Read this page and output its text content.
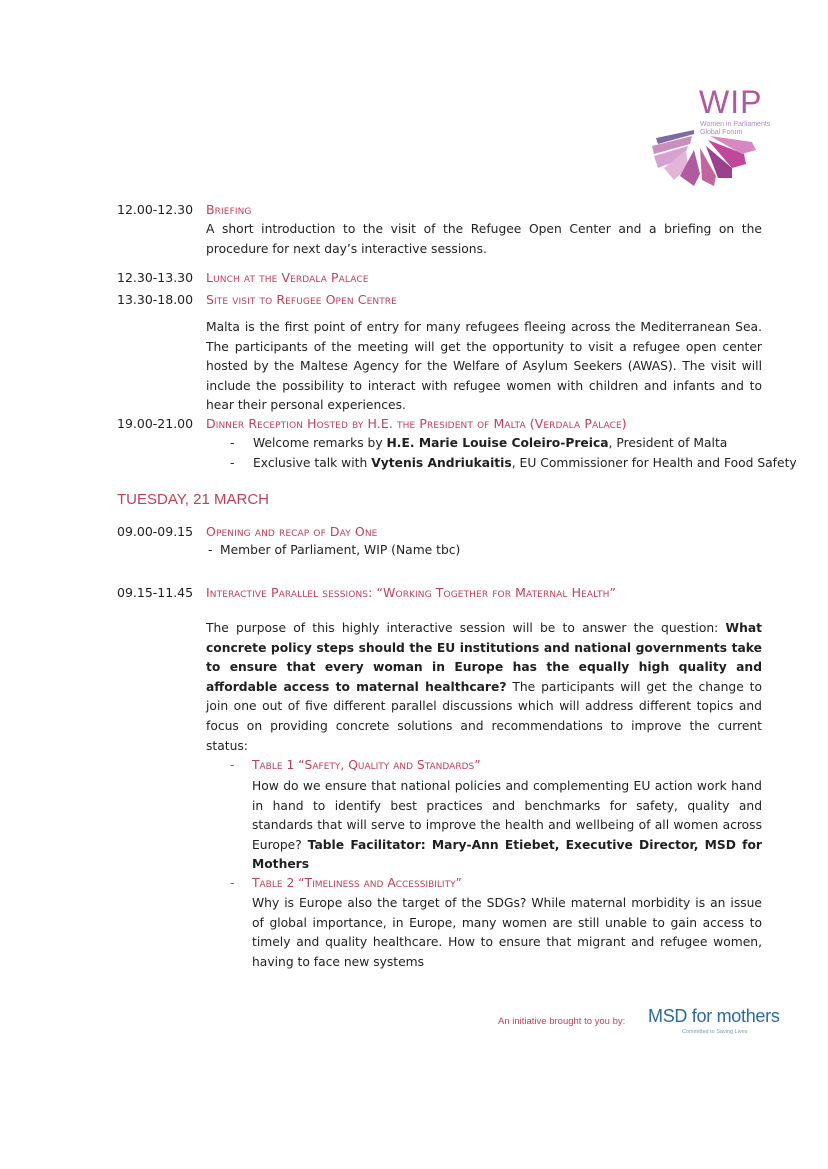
WIP
Women in Parliaments
Global Forum
12.00-12.30 Briefing
A short introduction to the visit of the Refugee Open Center and a briefing on the procedure for next day’s interactive sessions.
12.30-13.30 Lunch at the Verdala Palace
13.30-18.00 Site visit to Refugee Open Centre
Malta is the first point of entry for many refugees fleeing across the Mediterranean Sea. The participants of the meeting will get the opportunity to visit a refugee open center hosted by the Maltese Agency for the Welfare of Asylum Seekers (AWAS). The visit will include the possibility to interact with refugee women with children and infants and to hear their personal experiences.
19.00-21.00 Dinner Reception Hosted by H.E. the President of Malta (Verdala Palace)
- Welcome remarks by H.E. Marie Louise Coleiro-Preica, President of Malta
- Exclusive talk with Vytenis Andriukaitis, EU Commissioner for Health and Food Safety
TUESDAY, 21 MARCH
09.00-09.15 Opening and recap of Day One
- Member of Parliament, WIP (Name tbc)
09.15-11.45 Interactive Parallel sessions: “Working Together for Maternal Health”
The purpose of this highly interactive session will be to answer the question: What concrete policy steps should the EU institutions and national governments take to ensure that every woman in Europe has the equally high quality and affordable access to maternal healthcare? The participants will get the change to join one out of five different parallel discussions which will address different topics and focus on providing concrete solutions and recommendations to improve the current status:
- Table 1 “Safety, Quality and Standards”
How do we ensure that national policies and complementing EU action work hand in hand to identify best practices and benchmarks for safety, quality and standards that will serve to improve the health and wellbeing of all women across Europe? Table Facilitator: Mary-Ann Etiebet, Executive Director, MSD for Mothers
- Table 2 “Timeliness and Accessibility”
Why is Europe also the target of the SDGs? While maternal morbidity is an issue of global importance, in Europe, many women are still unable to gain access to timely and quality healthcare. How to ensure that migrant and refugee women, having to face new systems
An initiative brought to you by: MSD for mothers
Committed to Saving Lives
